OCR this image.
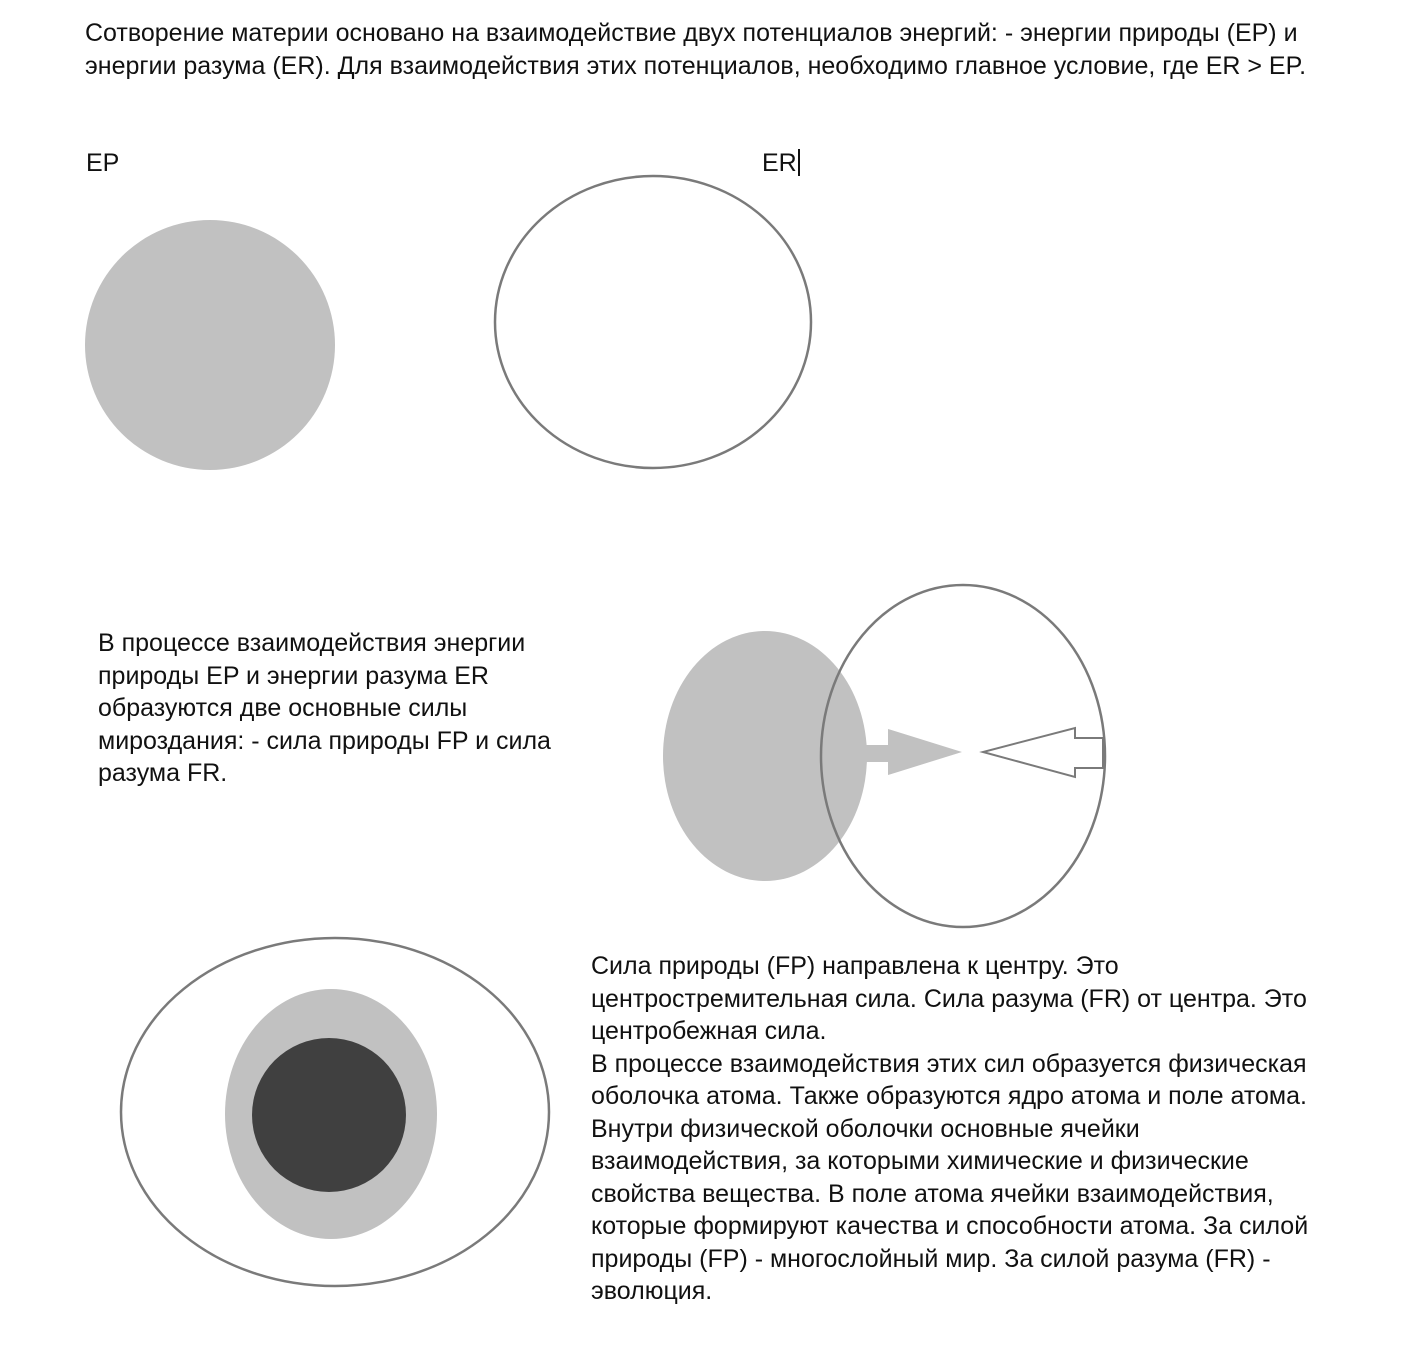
Сотворение материи основано на взаимодействие двух потенциалов энергий: - энергии природы (EP) и энергии разума (ER). Для взаимодействия этих потенциалов, необходимо главное условие, где ER > EP.

EP	ER

В процессе взаимодействия энергии природы EP и энергии разума ER образуются две основные силы мироздания: - сила природы FP и сила разума FR.

Сила природы (FP) направлена к центру. Это центростремительная сила. Сила разума (FR) от центра. Это центробежная сила.
В процессе взаимодействия этих сил образуется физическая оболочка атома. Также образуются ядро атома и поле атома. Внутри физической оболочки основные ячейки взаимодействия, за которыми химические и физические свойства вещества. В поле атома ячейки взаимодействия, которые формируют качества и способности атома. За силой природы (FP) - многослойный мир. За силой разума (FR) - эволюция.
